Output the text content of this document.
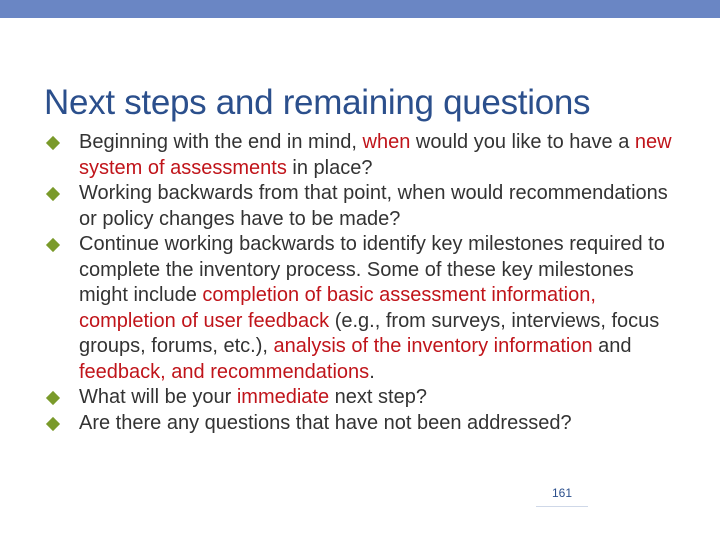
Next steps and remaining questions
Beginning with the end in mind, when would you like to have a new system of assessments in place?
Working backwards from that point, when would recommendations or policy changes have to be made?
Continue working backwards to identify key milestones required to complete the inventory process. Some of these key milestones might include completion of basic assessment information, completion of user feedback (e.g., from surveys, interviews, focus groups, forums, etc.), analysis of the inventory information and feedback, and recommendations.
What will be your immediate next step?
Are there any questions that have not been addressed?
161
